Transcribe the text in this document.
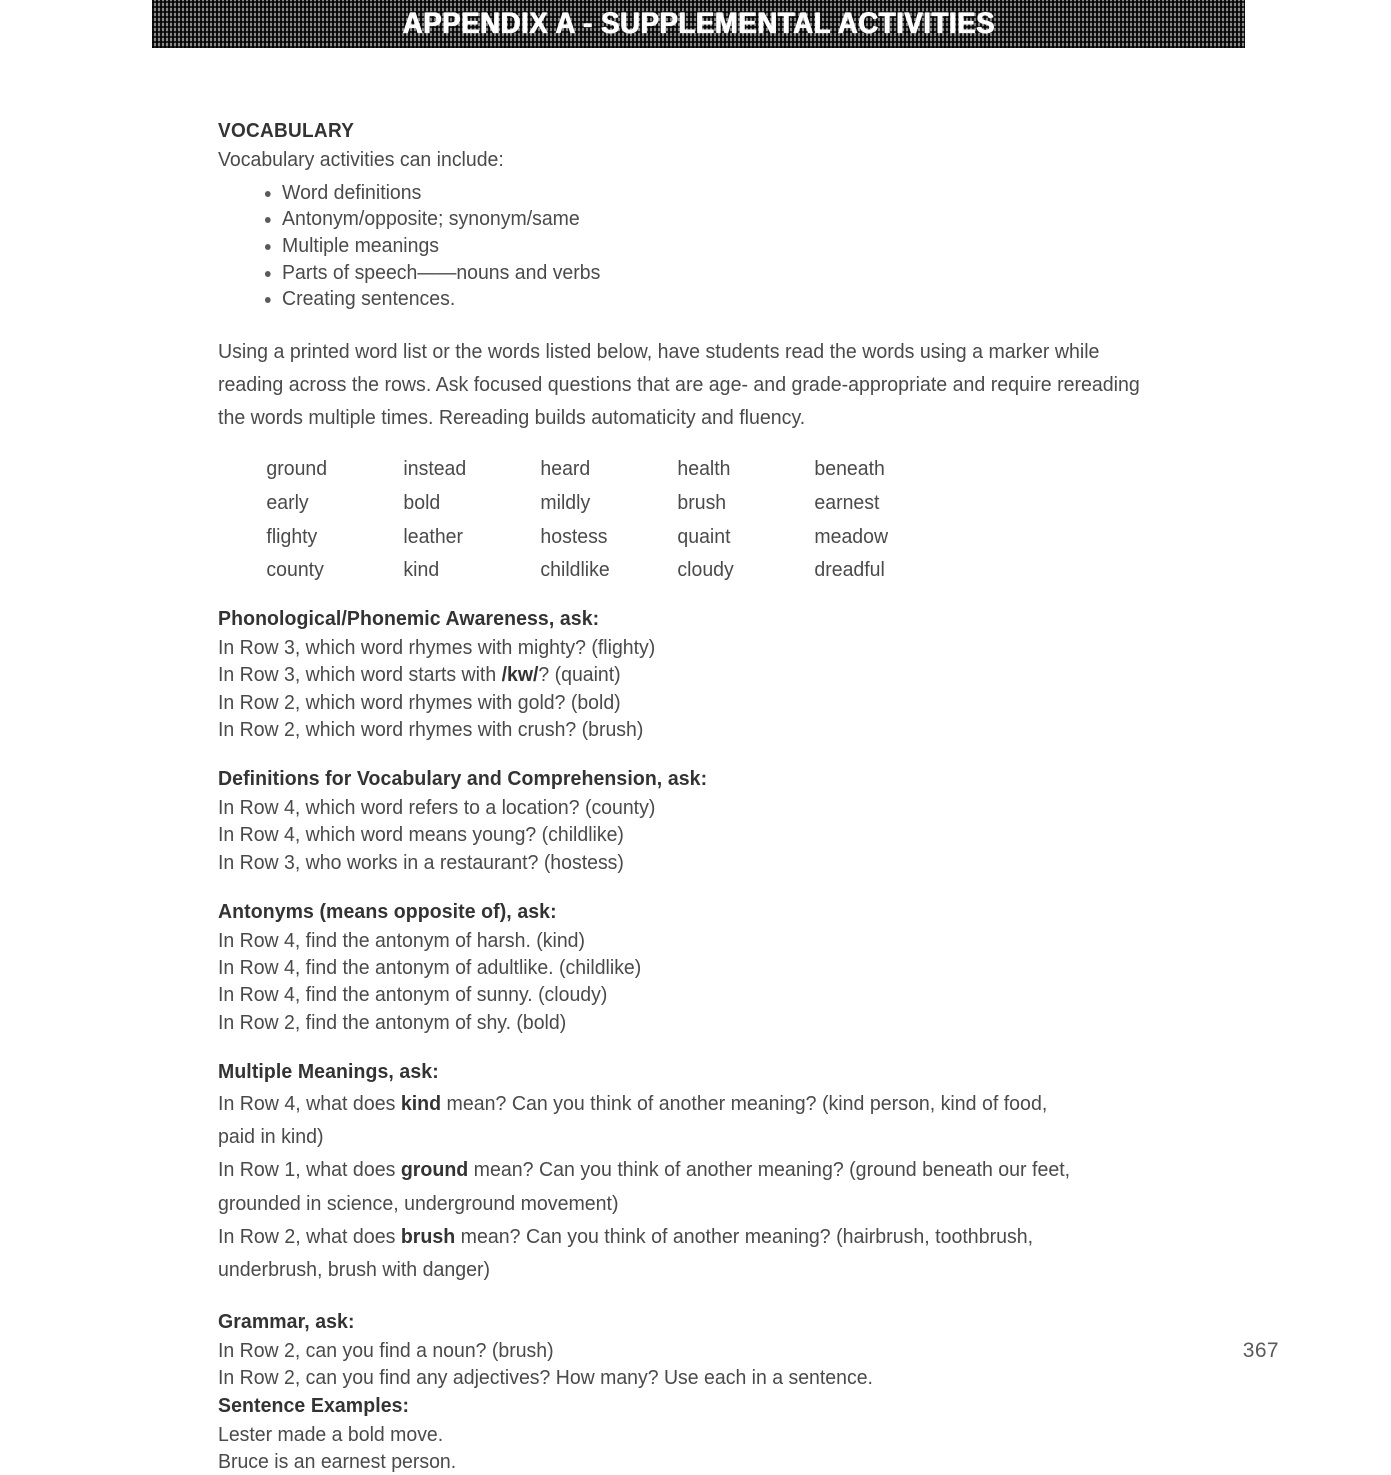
APPENDIX A - SUPPLEMENTAL ACTIVITIES
VOCABULARY
Vocabulary activities can include:
Word definitions
Antonym/opposite; synonym/same
Multiple meanings
Parts of speech——nouns and verbs
Creating sentences.
Using a printed word list or the words listed below, have students read the words using a marker while reading across the rows. Ask focused questions that are age- and grade-appropriate and require rereading the words multiple times. Rereading builds automaticity and fluency.
ground	instead	heard	health	beneath
early	bold	mildly	brush	earnest
flighty	leather	hostess	quaint	meadow
county	kind	childlike	cloudy	dreadful
Phonological/Phonemic Awareness, ask:
In Row 3, which word rhymes with mighty? (flighty)
In Row 3, which word starts with /kw/? (quaint)
In Row 2, which word rhymes with gold? (bold)
In Row 2, which word rhymes with crush? (brush)
Definitions for Vocabulary and Comprehension, ask:
In Row 4, which word refers to a location? (county)
In Row 4, which word means young? (childlike)
In Row 3, who works in a restaurant? (hostess)
Antonyms (means opposite of), ask:
In Row 4, find the antonym of harsh. (kind)
In Row 4, find the antonym of adultlike. (childlike)
In Row 4, find the antonym of sunny. (cloudy)
In Row 2, find the antonym of shy. (bold)
Multiple Meanings, ask:
In Row 4, what does kind mean? Can you think of another meaning? (kind person, kind of food, paid in kind)
In Row 1, what does ground mean? Can you think of another meaning? (ground beneath our feet, grounded in science, underground movement)
In Row 2, what does brush mean? Can you think of another meaning? (hairbrush, toothbrush, underbrush, brush with danger)
Grammar, ask:
In Row 2, can you find a noun? (brush)
In Row 2, can you find any adjectives? How many? Use each in a sentence.
Sentence Examples:
Lester made a bold move.
Bruce is an earnest person.
367
